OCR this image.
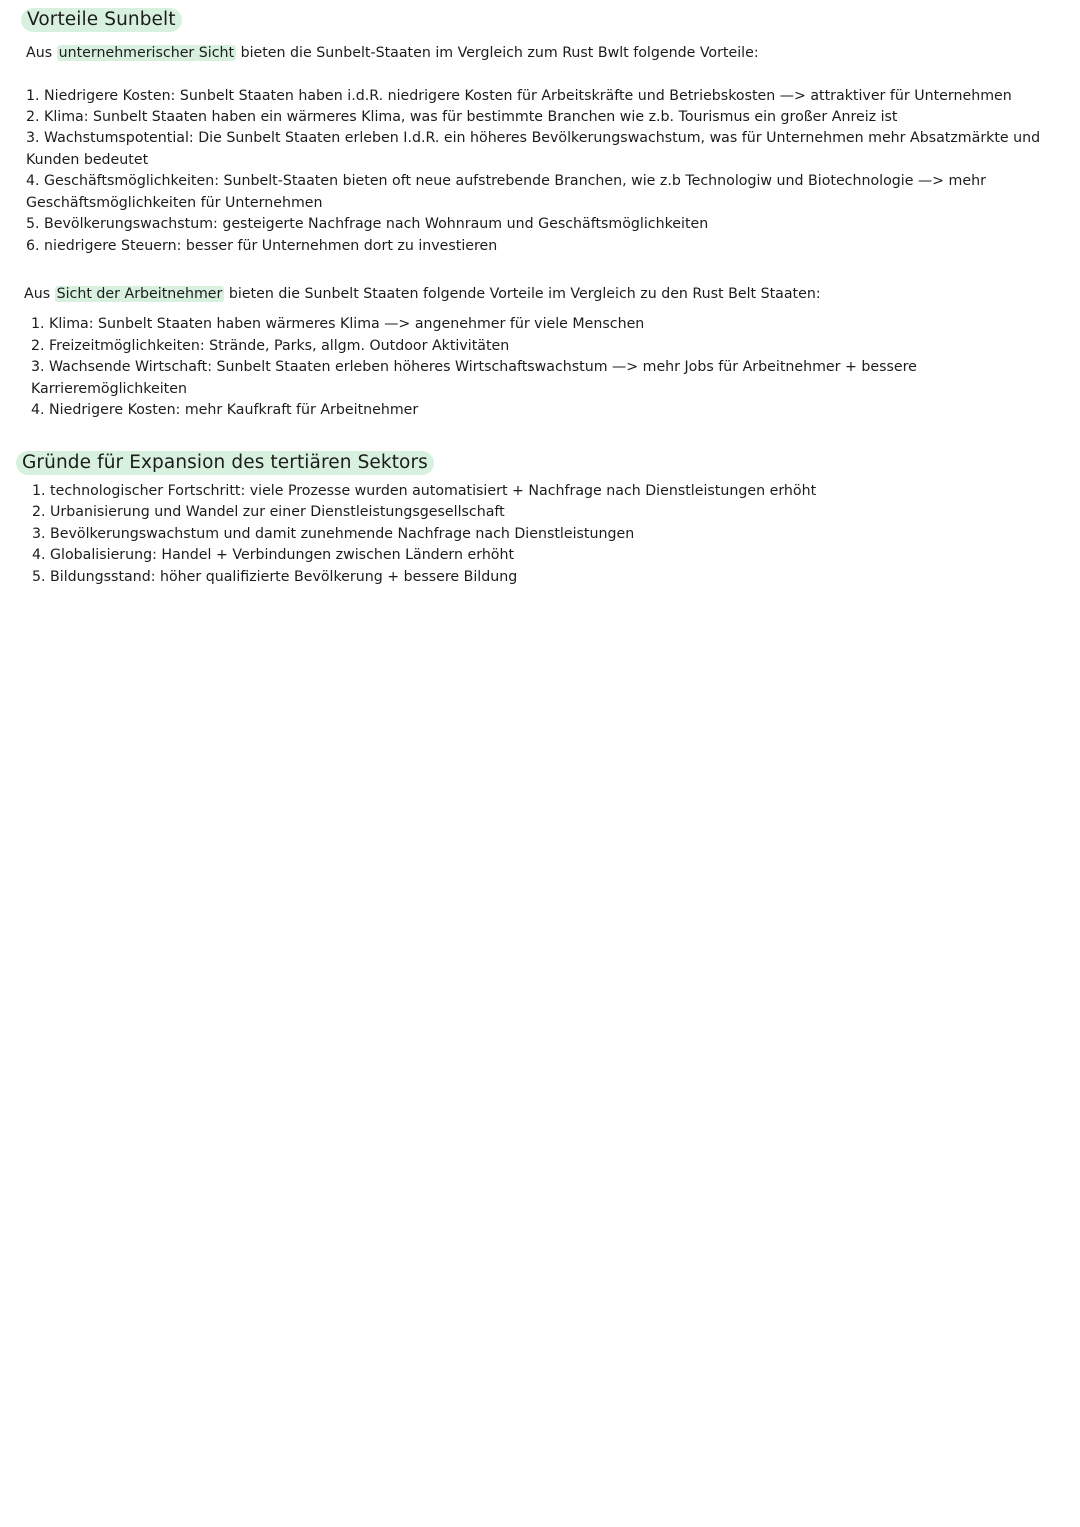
Vorteile Sunbelt
Aus unternehmerischer Sicht bieten die Sunbelt-Staaten im Vergleich zum Rust Bwlt folgende Vorteile:
1. Niedrigere Kosten: Sunbelt Staaten haben i.d.R. niedrigere Kosten für Arbeitskräfte und Betriebskosten —> attraktiver für Unternehmen
2. Klima: Sunbelt Staaten haben ein wärmeres Klima, was für bestimmte Branchen wie z.b. Tourismus ein großer Anreiz ist
3. Wachstumspotential: Die Sunbelt Staaten erleben I.d.R. ein höheres Bevölkerungswachstum, was für Unternehmen mehr Absatzmärkte und
Kunden bedeutet
4. Geschäftsmöglichkeiten: Sunbelt-Staaten bieten oft neue aufstrebende Branchen, wie z.b Technologiw und Biotechnologie —> mehr
Geschäftsmöglichkeiten für Unternehmen
5. Bevölkerungswachstum: gesteigerte Nachfrage nach Wohnraum und Geschäftsmöglichkeiten
6. niedrigere Steuern: besser für Unternehmen dort zu investieren
Aus Sicht der Arbeitnehmer bieten die Sunbelt Staaten folgende Vorteile im Vergleich zu den Rust Belt Staaten:
1. Klima: Sunbelt Staaten haben wärmeres Klima —> angenehmer für viele Menschen
2. Freizeitmöglichkeiten: Strände, Parks, allgm. Outdoor Aktivitäten
3. Wachsende Wirtschaft: Sunbelt Staaten erleben höheres Wirtschaftswachstum —> mehr Jobs für Arbeitnehmer + bessere
Karrieremöglichkeiten
4. Niedrigere Kosten: mehr Kaufkraft für Arbeitnehmer
Gründe für Expansion des tertiären Sektors
1. technologischer Fortschritt: viele Prozesse wurden automatisiert + Nachfrage nach Dienstleistungen erhöht
2. Urbanisierung und Wandel zur einer Dienstleistungsgesellschaft
3. Bevölkerungswachstum und damit zunehmende Nachfrage nach Dienstleistungen
4. Globalisierung: Handel + Verbindungen zwischen Ländern erhöht
5. Bildungsstand: höher qualifizierte Bevölkerung + bessere Bildung
